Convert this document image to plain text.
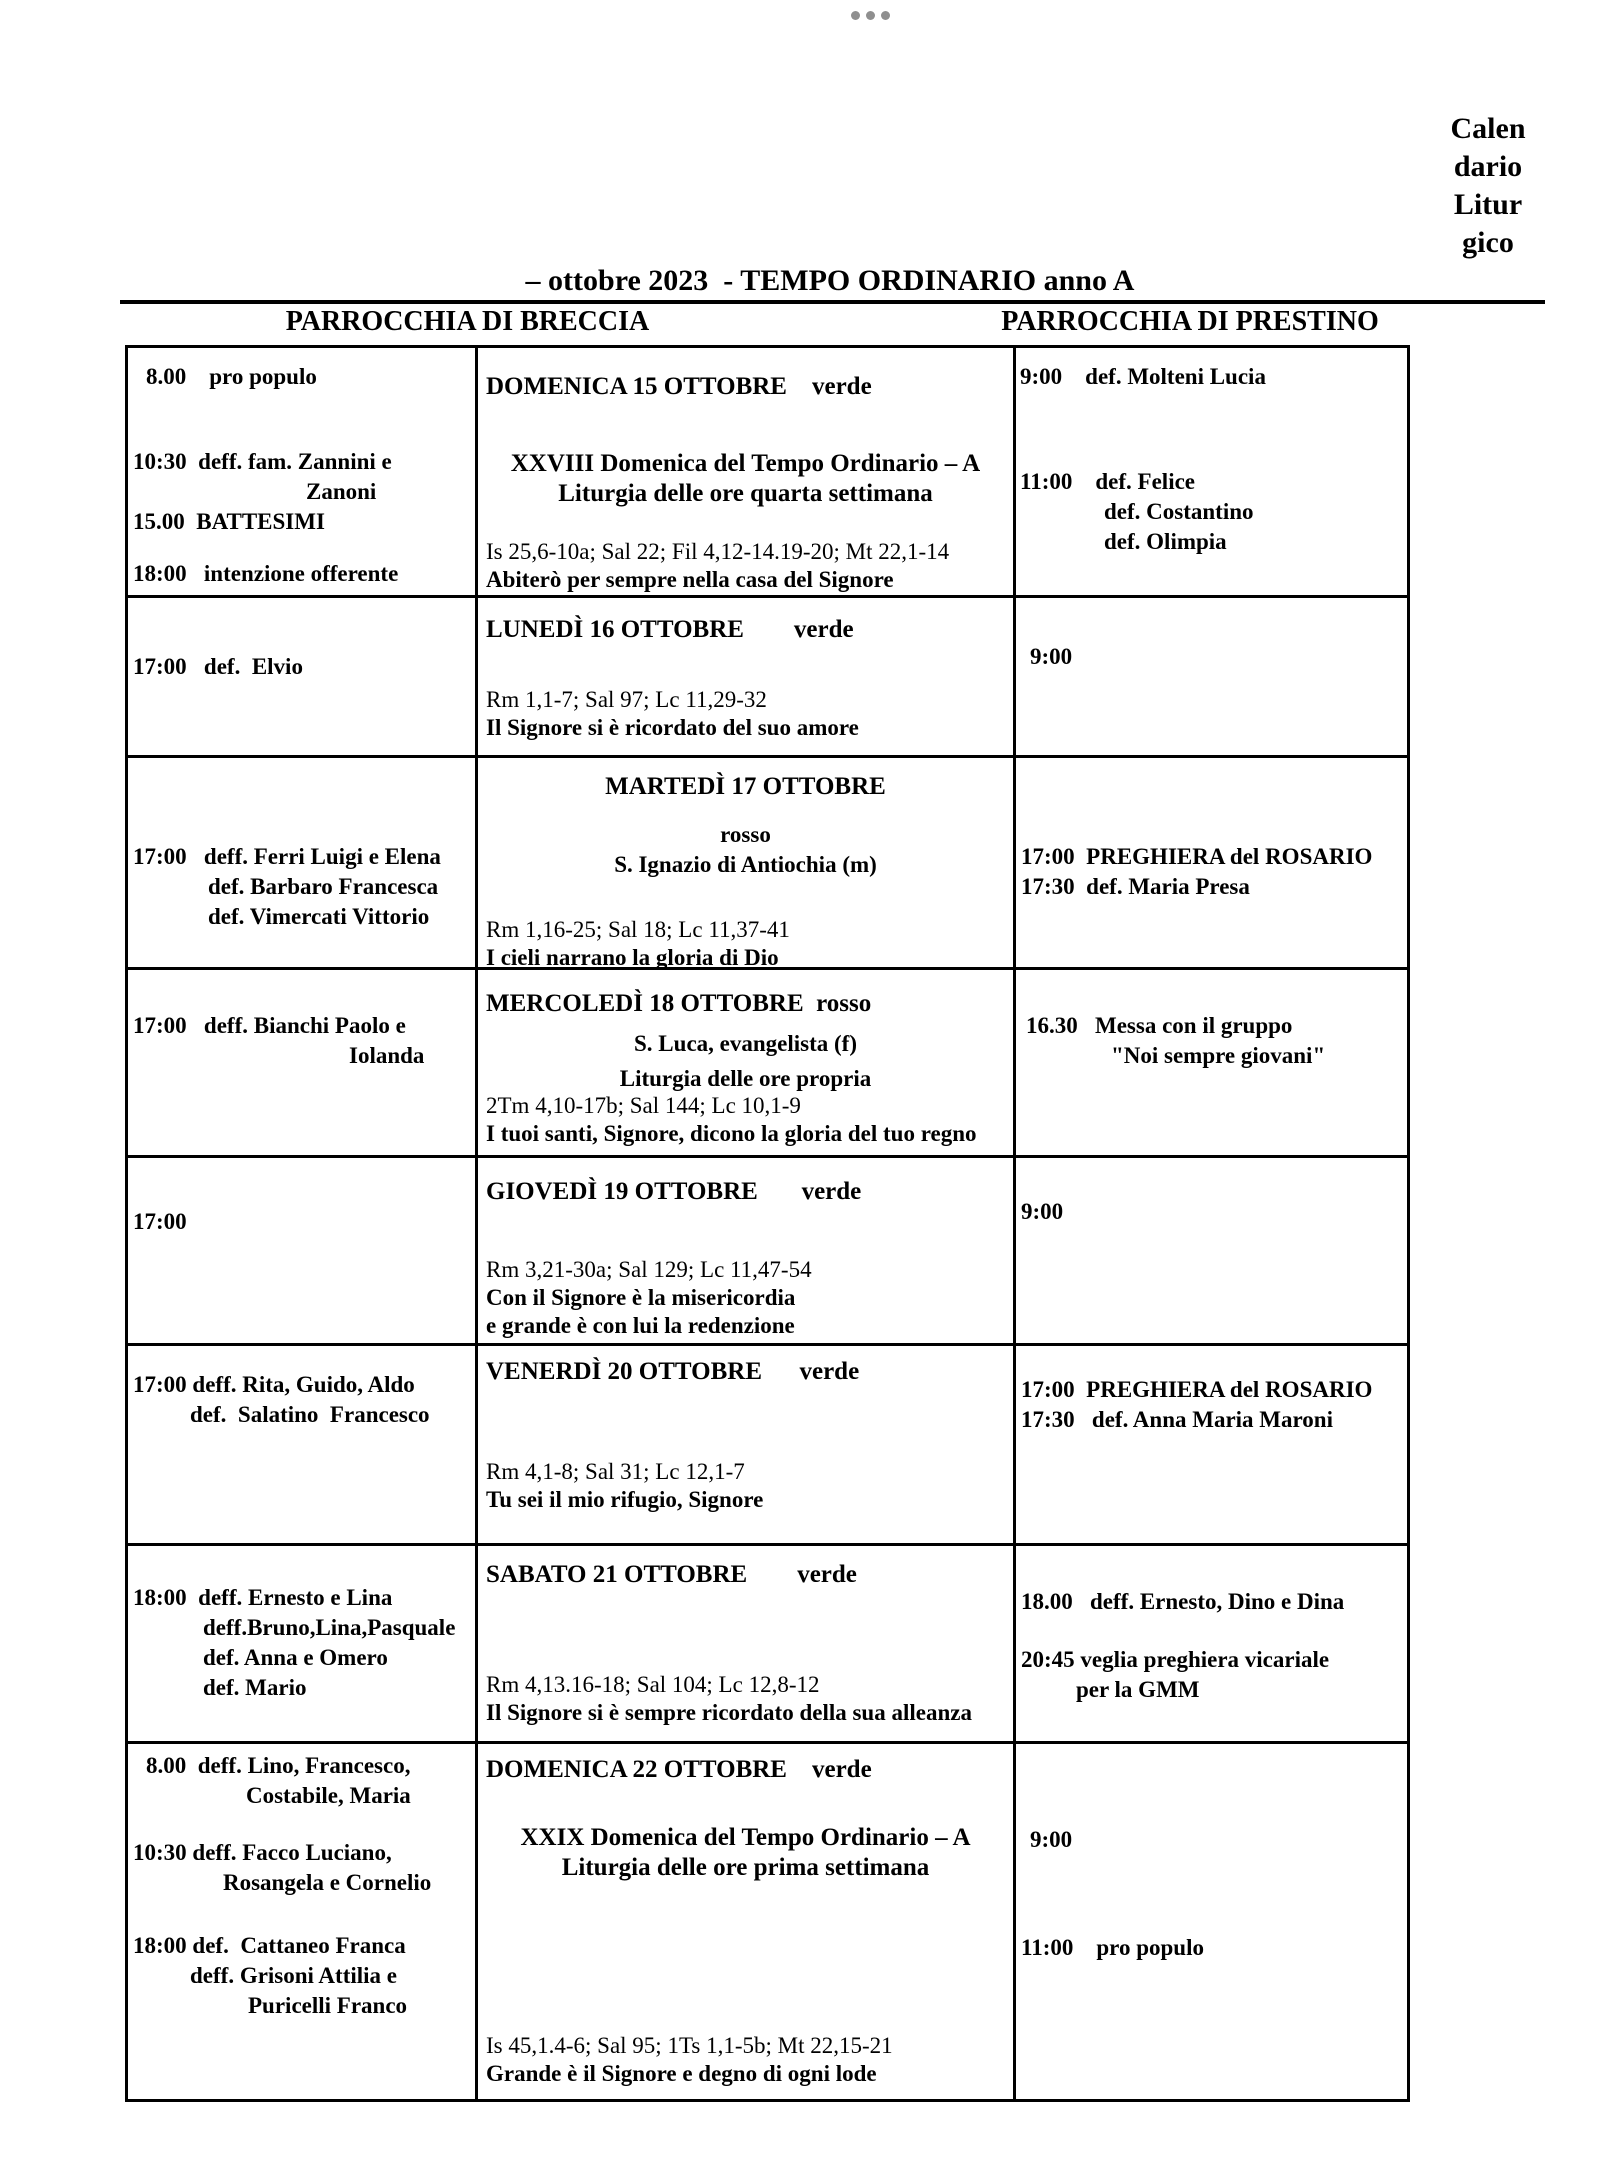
Calen
dario
Litur
gico
– ottobre 2023  - TEMPO ORDINARIO anno A
PARROCCHIA DI BRECCIA	PARROCCHIA DI PRESTINO
8.00    pro populo
10:30  deff. fam. Zannini e
Zanoni
15.00  BATTESIMI
18:00   intenzione offerente
DOMENICA 15 OTTOBRE    verde
XXVIII Domenica del Tempo Ordinario – A
Liturgia delle ore quarta settimana
Is 25,6-10a; Sal 22; Fil 4,12-14.19-20; Mt 22,1-14
Abiterò per sempre nella casa del Signore
9:00    def. Molteni Lucia
11:00    def. Felice
def. Costantino
def. Olimpia
17:00   def.  Elvio
LUNEDÌ 16 OTTOBRE        verde
Rm 1,1-7; Sal 97; Lc 11,29-32
Il Signore si è ricordato del suo amore
9:00
17:00   deff. Ferri Luigi e Elena
def. Barbaro Francesca
def. Vimercati Vittorio
MARTEDÌ 17 OTTOBRE
rosso
S. Ignazio di Antiochia (m)
Rm 1,16-25; Sal 18; Lc 11,37-41
I cieli narrano la gloria di Dio
17:00  PREGHIERA del ROSARIO
17:30  def. Maria Presa
17:00   deff. Bianchi Paolo e
Iolanda
MERCOLEDÌ 18 OTTOBRE  rosso
S. Luca, evangelista (f)
Liturgia delle ore propria
2Tm 4,10-17b; Sal 144; Lc 10,1-9
I tuoi santi, Signore, dicono la gloria del tuo regno
16.30   Messa con il gruppo
"Noi sempre giovani"
17:00
GIOVEDÌ 19 OTTOBRE       verde
Rm 3,21-30a; Sal 129; Lc 11,47-54
Con il Signore è la misericordia
e grande è con lui la redenzione
9:00
17:00 deff. Rita, Guido, Aldo
def.  Salatino  Francesco
VENERDÌ 20 OTTOBRE      verde
Rm 4,1-8; Sal 31; Lc 12,1-7
Tu sei il mio rifugio, Signore
17:00  PREGHIERA del ROSARIO
17:30   def. Anna Maria Maroni
18:00  deff. Ernesto e Lina
deff.Bruno,Lina,Pasquale
def. Anna e Omero
def. Mario
SABATO 21 OTTOBRE        verde
Rm 4,13.16-18; Sal 104; Lc 12,8-12
Il Signore si è sempre ricordato della sua alleanza
18.00   deff. Ernesto, Dino e Dina
20:45 veglia preghiera vicariale
per la GMM
8.00  deff. Lino, Francesco,
Costabile, Maria
10:30 deff. Facco Luciano,
Rosangela e Cornelio
18:00 def.  Cattaneo Franca
deff. Grisoni Attilia e
Puricelli Franco
DOMENICA 22 OTTOBRE    verde
XXIX Domenica del Tempo Ordinario – A
Liturgia delle ore prima settimana
Is 45,1.4-6; Sal 95; 1Ts 1,1-5b; Mt 22,15-21
Grande è il Signore e degno di ogni lode
9:00
11:00    pro populo
